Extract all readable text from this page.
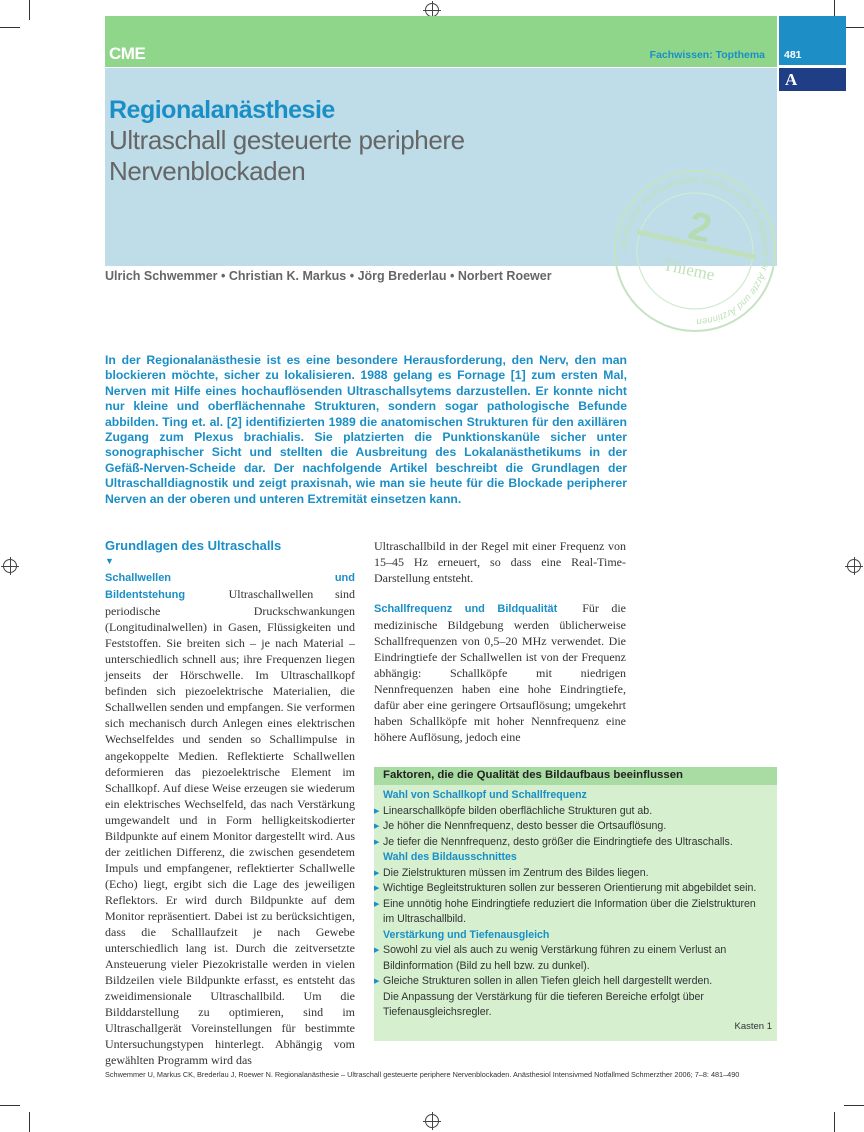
CME	Fachwissen: Topthema 481
A
Regionalanästhesie
Ultraschall gesteuerte periphere Nervenblockaden
Zertifizierte kontinuierliche medizinische Fortbildung für Ärzte und Ärztinnen
2
Thieme
Ulrich Schwemmer • Christian K. Markus • Jörg Brederlau • Norbert Roewer
In der Regionalanästhesie ist es eine besondere Herausforderung, den Nerv, den man blockieren möchte, sicher zu lokalisieren. 1988 gelang es Fornage [1] zum ersten Mal, Nerven mit Hilfe eines hochauflösenden Ultraschallsytems darzustellen. Er konnte nicht nur kleine und oberflächennahe Strukturen, sondern sogar pathologische Befunde abbilden. Ting et. al. [2] identifizierten 1989 die anatomischen Strukturen für den axillären Zugang zum Plexus brachialis. Sie platzierten die Punktionskanüle sicher unter sonographischer Sicht und stellten die Ausbreitung des Lokalanästhetikums in der Gefäß-Nerven-Scheide dar. Der nachfolgende Artikel beschreibt die Grundlagen der Ultraschalldiagnostik und zeigt praxisnah, wie man sie heute für die Blockade peripherer Nerven an der oberen und unteren Extremität einsetzen kann.
Grundlagen des Ultraschalls
▼
Schallwellen und Bildentstehung	Ultraschallwellen sind periodische Druckschwankungen (Longitudinalwellen) in Gasen, Flüssigkeiten und Feststoffen. Sie breiten sich – je nach Material – unterschiedlich schnell aus; ihre Frequenzen liegen jenseits der Hörschwelle. Im Ultraschallkopf befinden sich piezoelektrische Materialien, die Schallwellen senden und empfangen. Sie verformen sich mechanisch durch Anlegen eines elektrischen Wechselfeldes und senden so Schallimpulse in angekoppelte Medien. Reflektierte Schallwellen deformieren das piezoelektrische Element im Schallkopf. Auf diese Weise erzeugen sie wiederum ein elektrisches Wechselfeld, das nach Verstärkung umgewandelt und in Form helligkeitskodierter Bildpunkte auf einem Monitor dargestellt wird. Aus der zeitlichen Differenz, die zwischen gesendetem Impuls und empfangener, reflektierter Schallwelle (Echo) liegt, ergibt sich die Lage des jeweiligen Reflektors. Er wird durch Bildpunkte auf dem Monitor repräsentiert. Dabei ist zu berücksichtigen, dass die Schalllaufzeit je nach Gewebe unterschiedlich lang ist. Durch die zeitversetzte Ansteuerung vieler Piezokristalle werden in vielen Bildzeilen viele Bildpunkte erfasst, es entsteht das zweidimensionale Ultraschallbild. Um die Bilddarstellung zu optimieren, sind im Ultraschallgerät Voreinstellungen für bestimmte Untersuchungstypen hinterlegt. Abhängig vom gewählten Programm wird das
Ultraschallbild in der Regel mit einer Frequenz von 15–45 Hz erneuert, so dass eine Real-Time-Darstellung entsteht.
Schallfrequenz und Bildqualität Für die medizinische Bildgebung werden üblicherweise Schallfrequenzen von 0,5–20 MHz verwendet. Die Eindringtiefe der Schallwellen ist von der Frequenz abhängig: Schallköpfe mit niedrigen Nennfrequenzen haben eine hohe Eindringtiefe, dafür aber eine geringere Ortsauflösung; umgekehrt haben Schallköpfe mit hoher Nennfrequenz eine höhere Auflösung, jedoch eine
Faktoren, die die Qualität des Bildaufbaus beeinflussen
Wahl von Schallkopf und Schallfrequenz
▶ Linearschallköpfe bilden oberflächliche Strukturen gut ab.
▶ Je höher die Nennfrequenz, desto besser die Ortsauflösung.
▶ Je tiefer die Nennfrequenz, desto größer die Eindringtiefe des Ultraschalls.
Wahl des Bildausschnittes
▶ Die Zielstrukturen müssen im Zentrum des Bildes liegen.
▶ Wichtige Begleitstrukturen sollen zur besseren Orientierung mit abgebildet sein.
▶ Eine unnötig hohe Eindringtiefe reduziert die Information über die Zielstrukturen im Ultraschallbild.
Verstärkung und Tiefenausgleich
▶ Sowohl zu viel als auch zu wenig Verstärkung führen zu einem Verlust an Bildinformation (Bild zu hell bzw. zu dunkel).
▶ Gleiche Strukturen sollen in allen Tiefen gleich hell dargestellt werden.
Die Anpassung der Verstärkung für die tieferen Bereiche erfolgt über Tiefenausgleichsregler.
Kasten 1
Schwemmer U, Markus CK, Brederlau J, Roewer N. Regionalanästhesie – Ultraschall gesteuerte periphere Nervenblockaden. Anästhesiol Intensivmed Notfallmed Schmerzther 2006; 7–8: 481–490
